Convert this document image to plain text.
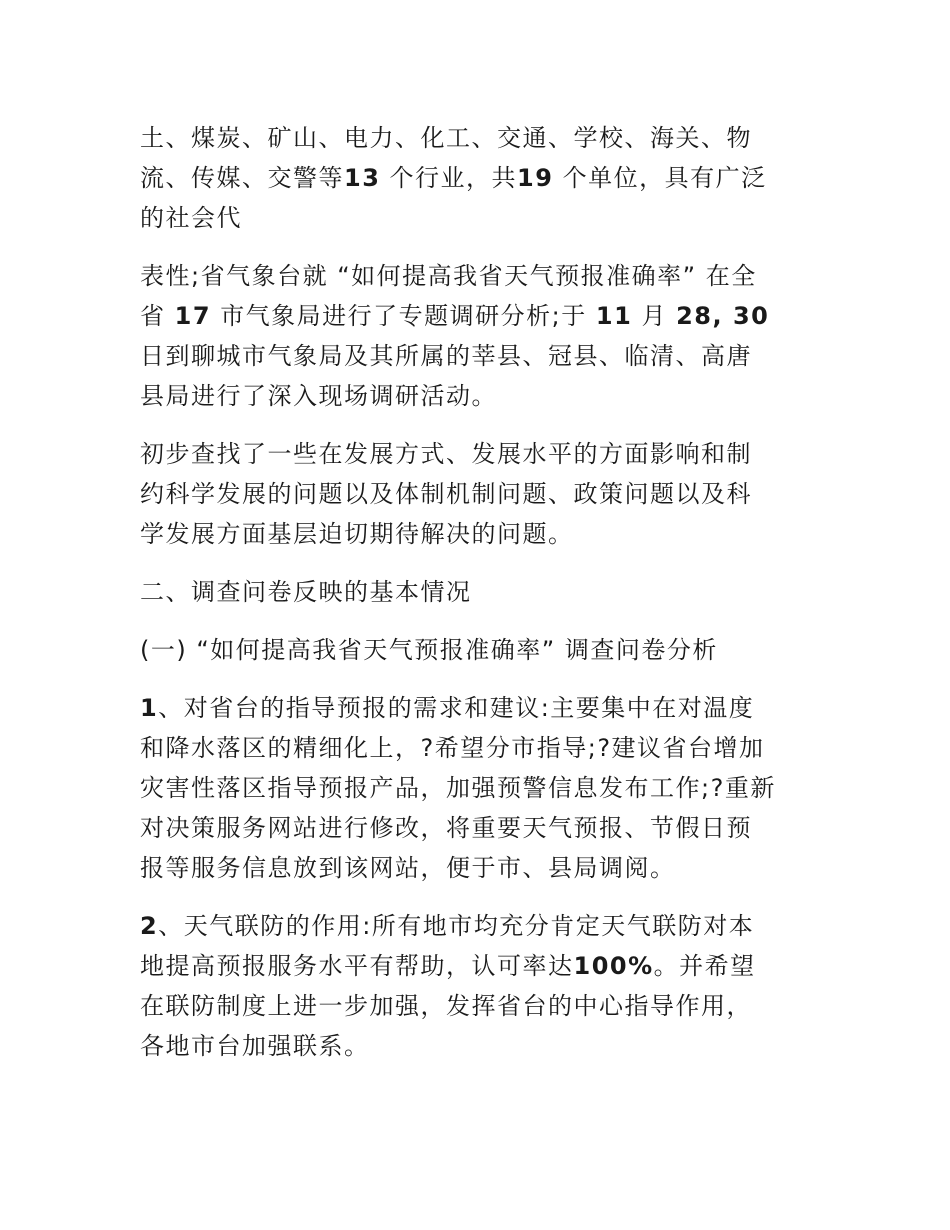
土、煤炭、矿山、电力、化工、交通、学校、海关、物
流、传媒、交警等13 个行业，共19 个单位，具有广泛
的社会代

表性;省气象台就 “如何提高我省天气预报准确率” 在全
省 17 市气象局进行了专题调研分析;于 11 月 28, 30
日到聊城市气象局及其所属的莘县、冠县、临清、高唐
县局进行了深入现场调研活动。

初步查找了一些在发展方式、发展水平的方面影响和制
约科学发展的问题以及体制机制问题、政策问题以及科
学发展方面基层迫切期待解决的问题。

二、调查问卷反映的基本情况

(一) “如何提高我省天气预报准确率” 调查问卷分析

1、对省台的指导预报的需求和建议:主要集中在对温度
和降水落区的精细化上，?希望分市指导;?建议省台增加
灾害性落区指导预报产品，加强预警信息发布工作;?重新
对决策服务网站进行修改，将重要天气预报、节假日预
报等服务信息放到该网站，便于市、县局调阅。

2、天气联防的作用:所有地市均充分肯定天气联防对本
地提高预报服务水平有帮助，认可率达100%。并希望
在联防制度上进一步加强，发挥省台的中心指导作用，
各地市台加强联系。
